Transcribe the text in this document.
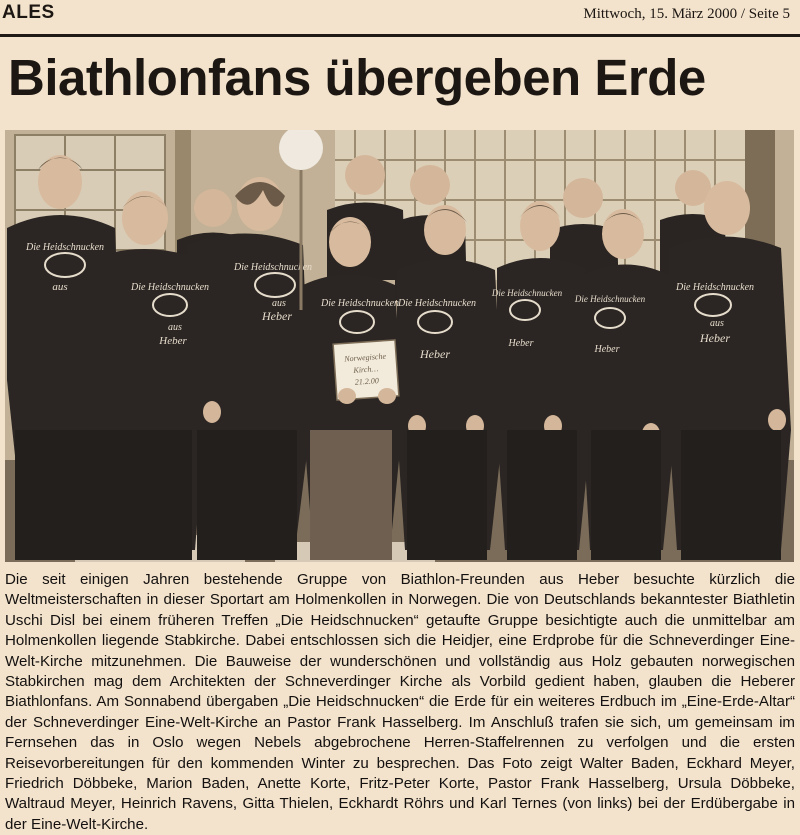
ALES	Mittwoch, 15. März 2000 / Seite 5
Biathlonfans übergeben Erde
Die Heidschnucken
aus	Die Heidschnucken
aus
Heber
Die Heidschnucken
aus
Heber
Die Heidschnucken
Die Heidschnucken
Heber
Die Heidschnucken
Heber
Die Heidschnucken
Heber
Die Heidschnucken
aus
Heber
Norwegische
Kirch…
21.2.00
Die seit einigen Jahren bestehende Gruppe von Biathlon-Freunden aus Heber besuchte kürzlich die Weltmeisterschaften in dieser Sportart am Holmenkollen in Norwegen. Die von Deutschlands bekanntester Biathletin Uschi Disl bei einem früheren Treffen „Die Heidschnucken“ getaufte Gruppe besichtigte auch die unmittelbar am Holmenkollen liegende Stabkirche. Dabei entschlossen sich die Heidjer, eine Erdprobe für die Schneverdinger Eine-Welt-Kirche mitzunehmen. Die Bauweise der wunderschönen und vollständig aus Holz gebauten norwegischen Stabkirchen mag dem Architekten der Schneverdinger Kirche als Vorbild gedient haben, glauben die Heberer Biathlonfans. Am Sonnabend übergaben „Die Heidschnucken“ die Erde für ein weiteres Erdbuch im „Eine-Erde-Altar“ der Schneverdinger Eine-Welt-Kirche an Pastor Frank Hasselberg. Im Anschluß trafen sie sich, um gemeinsam im Fernsehen das in Oslo wegen Nebels abgebrochene Herren-Staffelrennen zu verfolgen und die ersten Reisevorbereitungen für den kommenden Winter zu besprechen. Das Foto zeigt Walter Baden, Eckhard Meyer, Friedrich Döbbeke, Marion Baden, Anette Korte, Fritz-Peter Korte, Pastor Frank Hasselberg, Ursula Döbbeke, Waltraud Meyer, Heinrich Ravens, Gitta Thielen, Eckhardt Röhrs und Karl Ternes (von links) bei der Erdübergabe in der Eine-Welt-Kirche.
